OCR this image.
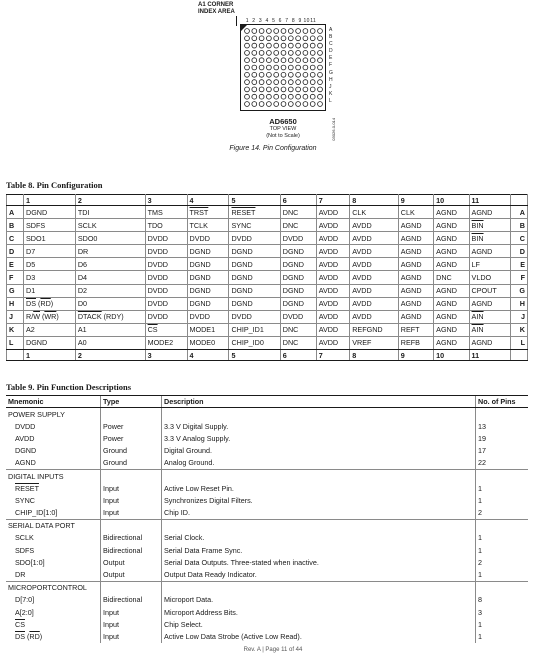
A1 CORNER
INDEX AREA
1 2 3 4 5 6 7 8 9 1011
A
B
C
D
E
F
G
H
J
K
L
AD6650
TOP VIEW
(Not to Scale)	03026-0-014
Figure 14. Pin Configuration
Table 8. Pin Configuration
	1	2	3	4	5	6	7	8	9	10	11	
A	DGND	TDI	TMS	TRST	RESET	DNC	AVDD	CLK	CLK	AGND	AGND	A
B	SDFS	SCLK	TDO	TCLK	SYNC	DNC	AVDD	AVDD	AGND	AGND	$\overline{BIN}$	B
C	SDO1	SDO0	DVDD	DVDD	DVDD	DVDD	AVDD	AVDD	AGND	AGND	$\overline{BIN}$	C
D	D7	DR	DVDD	DGND	DGND	DGND	AVDD	AVDD	AGND	AGND	AGND	D
E	D5	D6	DVDD	DGND	DGND	DGND	AVDD	AVDD	AGND	AGND	LF	E
F	D3	D4	DVDD	DGND	DGND	DGND	AVDD	AVDD	AGND	DNC	VLDO	F
G	D1	D2	DVDD	DGND	DGND	DGND	AVDD	AVDD	AGND	AGND	CPOUT	G
H	$\overline{DS}$ $(\overline{RD})$	D0	DVDD	DGND	DGND	DGND	AVDD	AVDD	AGND	AGND	AGND	H
J	$R/\overline{W}$ $(\overline{WR})$	DTACK (RDY)	DVDD	DVDD	DVDD	DVDD	AVDD	AVDD	AGND	AGND	$\overline{AIN}$	J
K	A2	A1	$\overline{CS}$	MODE1	CHIP_ID1	DNC	AVDD	REFGND	REFT	AGND	$\overline{AIN}$	K
L	DGND	A0	MODE2	MODE0	CHIP_ID0	DNC	AVDD	VREF	REFB	AGND	AGND	L
	1	2	3	4	5	6	7	8	9	10	11	
Table 9. Pin Function Descriptions
Mnemonic	Type	Description	No. of Pins
POWER SUPPLY			
DVDD	Power	3.3 V Digital Supply.	13
AVDD	Power	3.3 V Analog Supply.	19
DGND	Ground	Digital Ground.	17
AGND	Ground	Analog Ground.	22
DIGITAL INPUTS			
RESET	Input	Active Low Reset Pin.	1
SYNC	Input	Synchronizes Digital Filters.	1
CHIP_ID[1:0]	Input	Chip ID.	2
SERIAL DATA PORT			
SCLK	Bidirectional	Serial Clock.	1
SDFS	Bidirectional	Serial Data Frame Sync.	1
SDO[1:0]	Output	Serial Data Outputs. Three-stated when inactive.	2
DR	Output	Output Data Ready Indicator.	1
MICROPORTCONTROL			
D[7:0]	Bidirectional	Microport Data.	8
A[2:0]	Input	Microport Address Bits.	3
$\overline{CS}$	Input	Chip Select.	1
$\overline{DS}$ $(\overline{RD})$	Input	Active Low Data Strobe (Active Low Read).	1
Rev. A | Page 11 of 44
